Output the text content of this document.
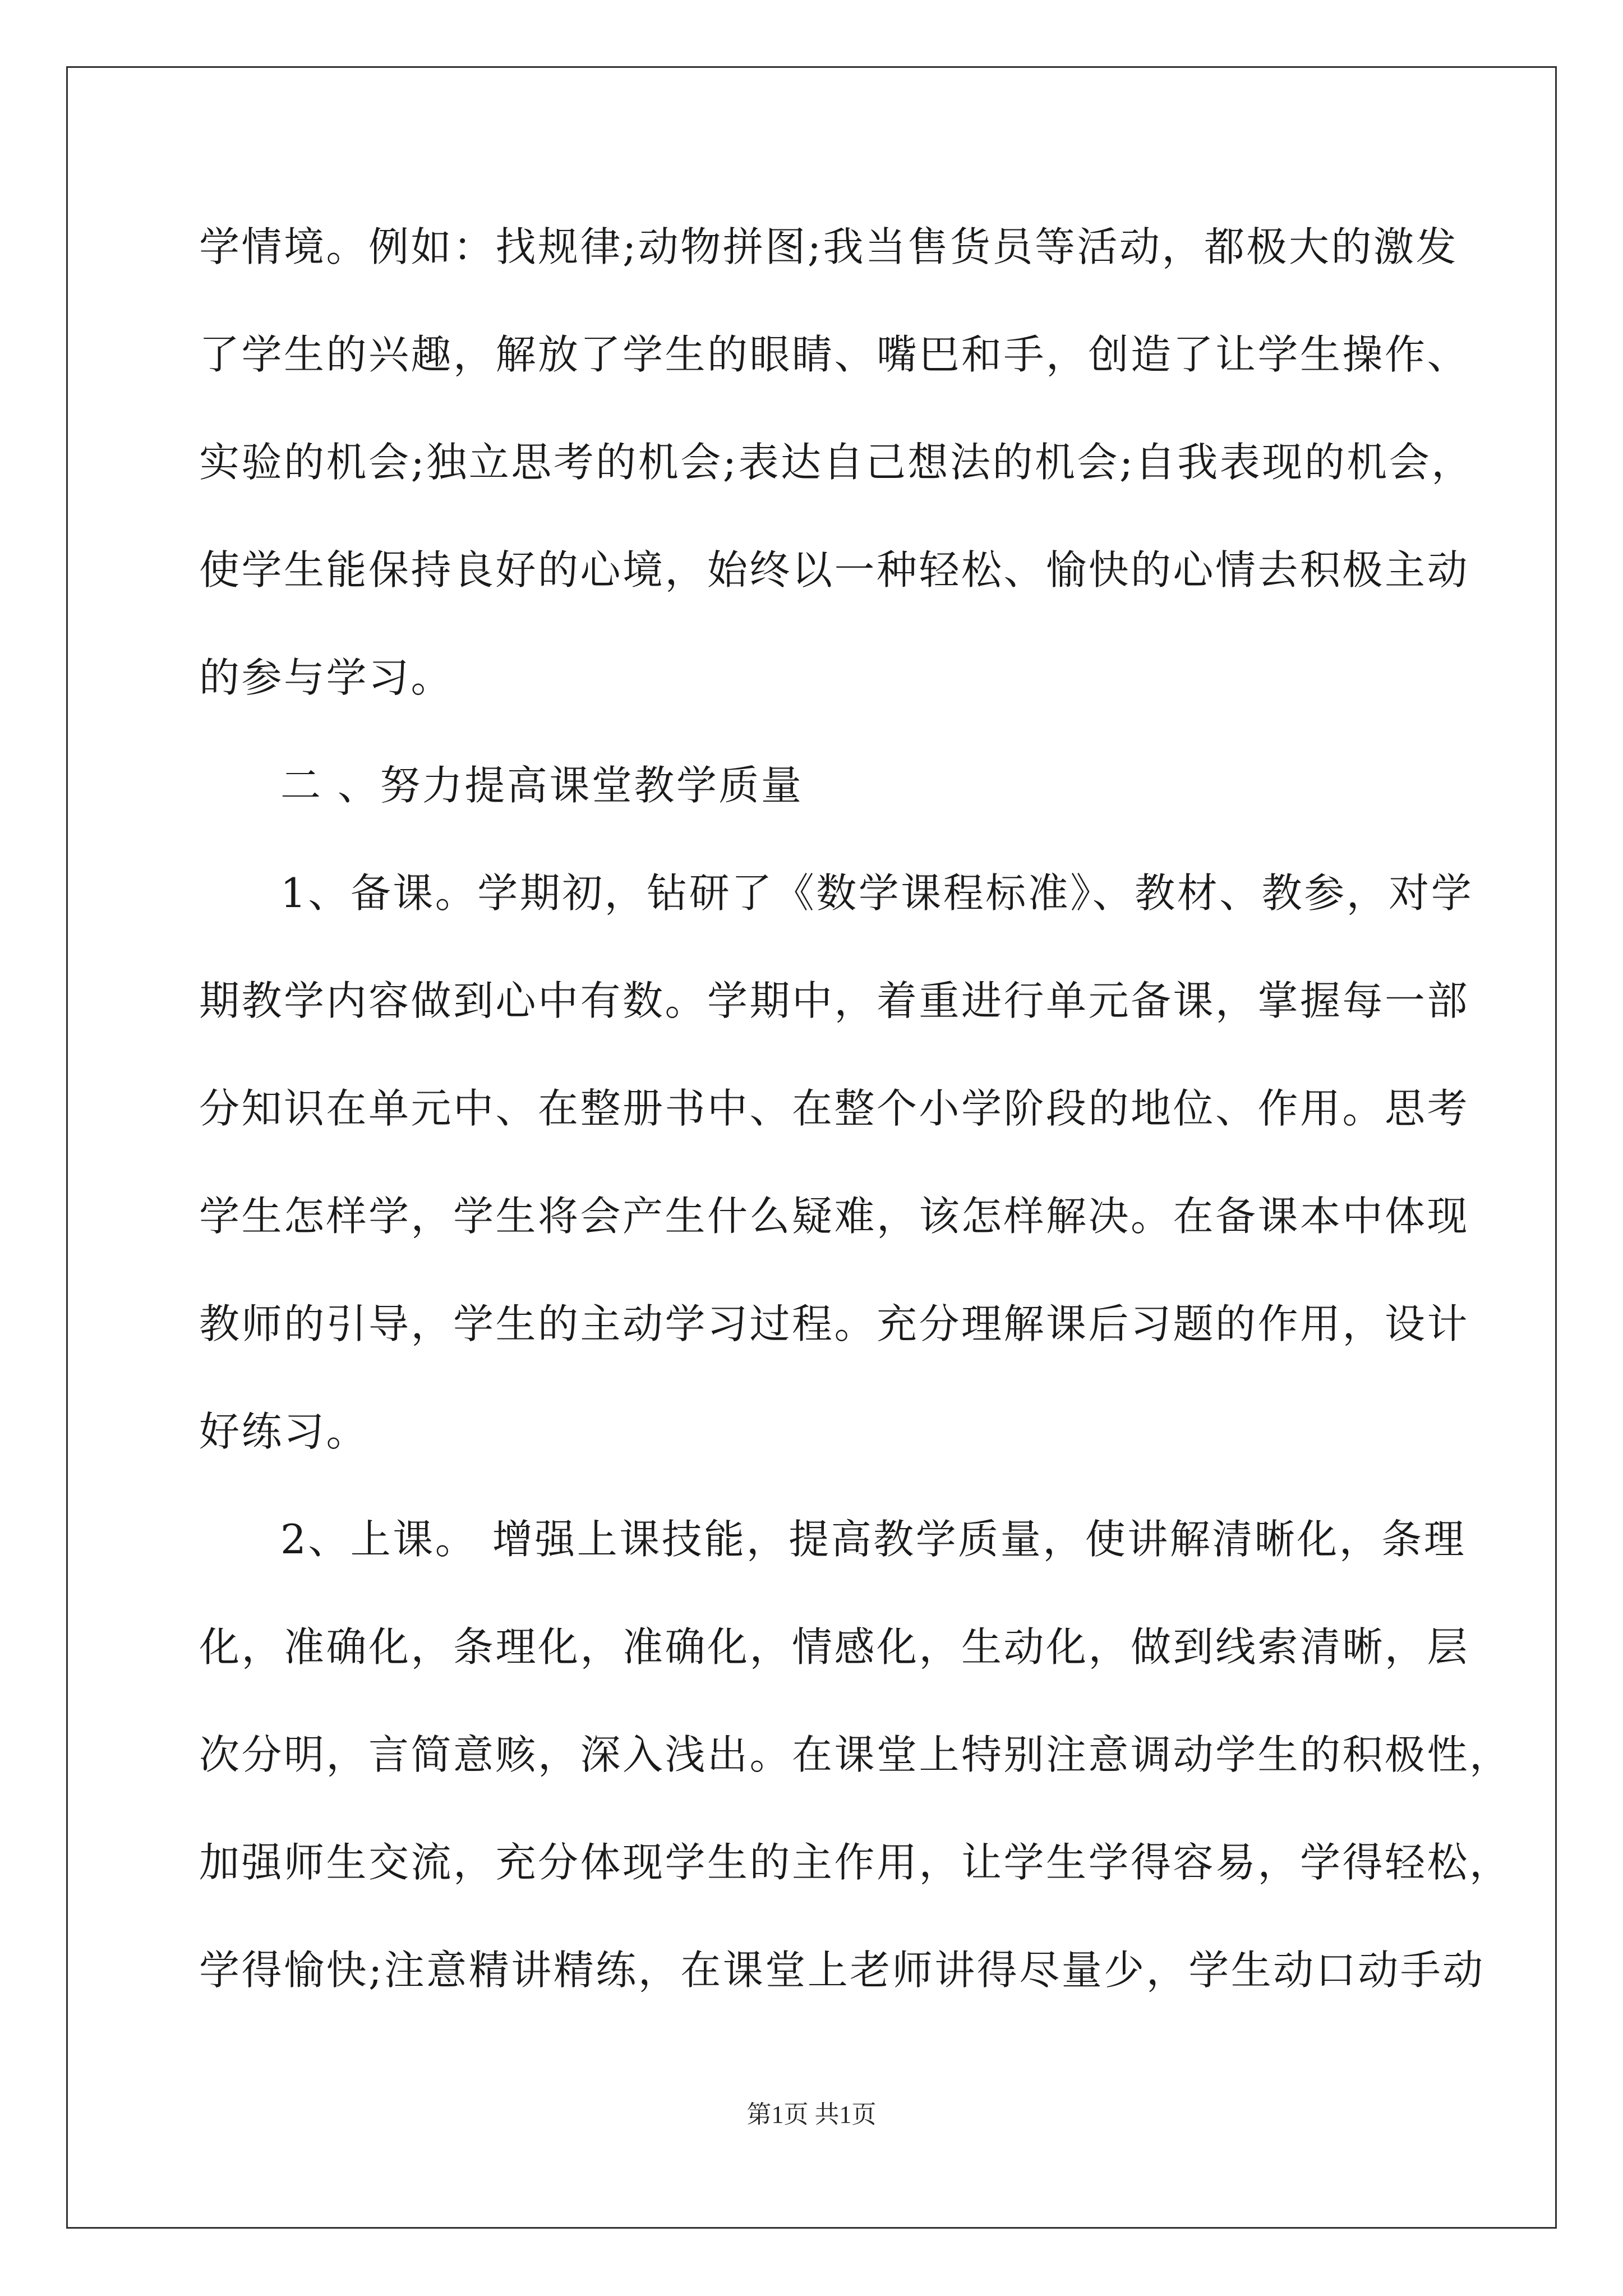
学情境。例如：找规律;动物拼图;我当售货员等活动，都极大的激发
了学生的兴趣，解放了学生的眼睛、嘴巴和手，创造了让学生操作、
实验的机会;独立思考的机会;表达自己想法的机会;自我表现的机会，
使学生能保持良好的心境，始终以一种轻松、愉快的心情去积极主动
的参与学习。
二 、努力提高课堂教学质量
1、备课。学期初，钻研了《数学课程标准》、教材、教参，对学
期教学内容做到心中有数。学期中，着重进行单元备课，掌握每一部
分知识在单元中、在整册书中、在整个小学阶段的地位、作用。思考
学生怎样学，学生将会产生什么疑难，该怎样解决。在备课本中体现
教师的引导，学生的主动学习过程。充分理解课后习题的作用，设计
好练习。
2、上课。 增强上课技能，提高教学质量，使讲解清晰化，条理
化，准确化，条理化，准确化，情感化，生动化，做到线索清晰，层
次分明，言简意赅，深入浅出。在课堂上特别注意调动学生的积极性，
加强师生交流，充分体现学生的主作用，让学生学得容易，学得轻松，
学得愉快;注意精讲精练，在课堂上老师讲得尽量少，学生动口动手动
第1页 共1页
